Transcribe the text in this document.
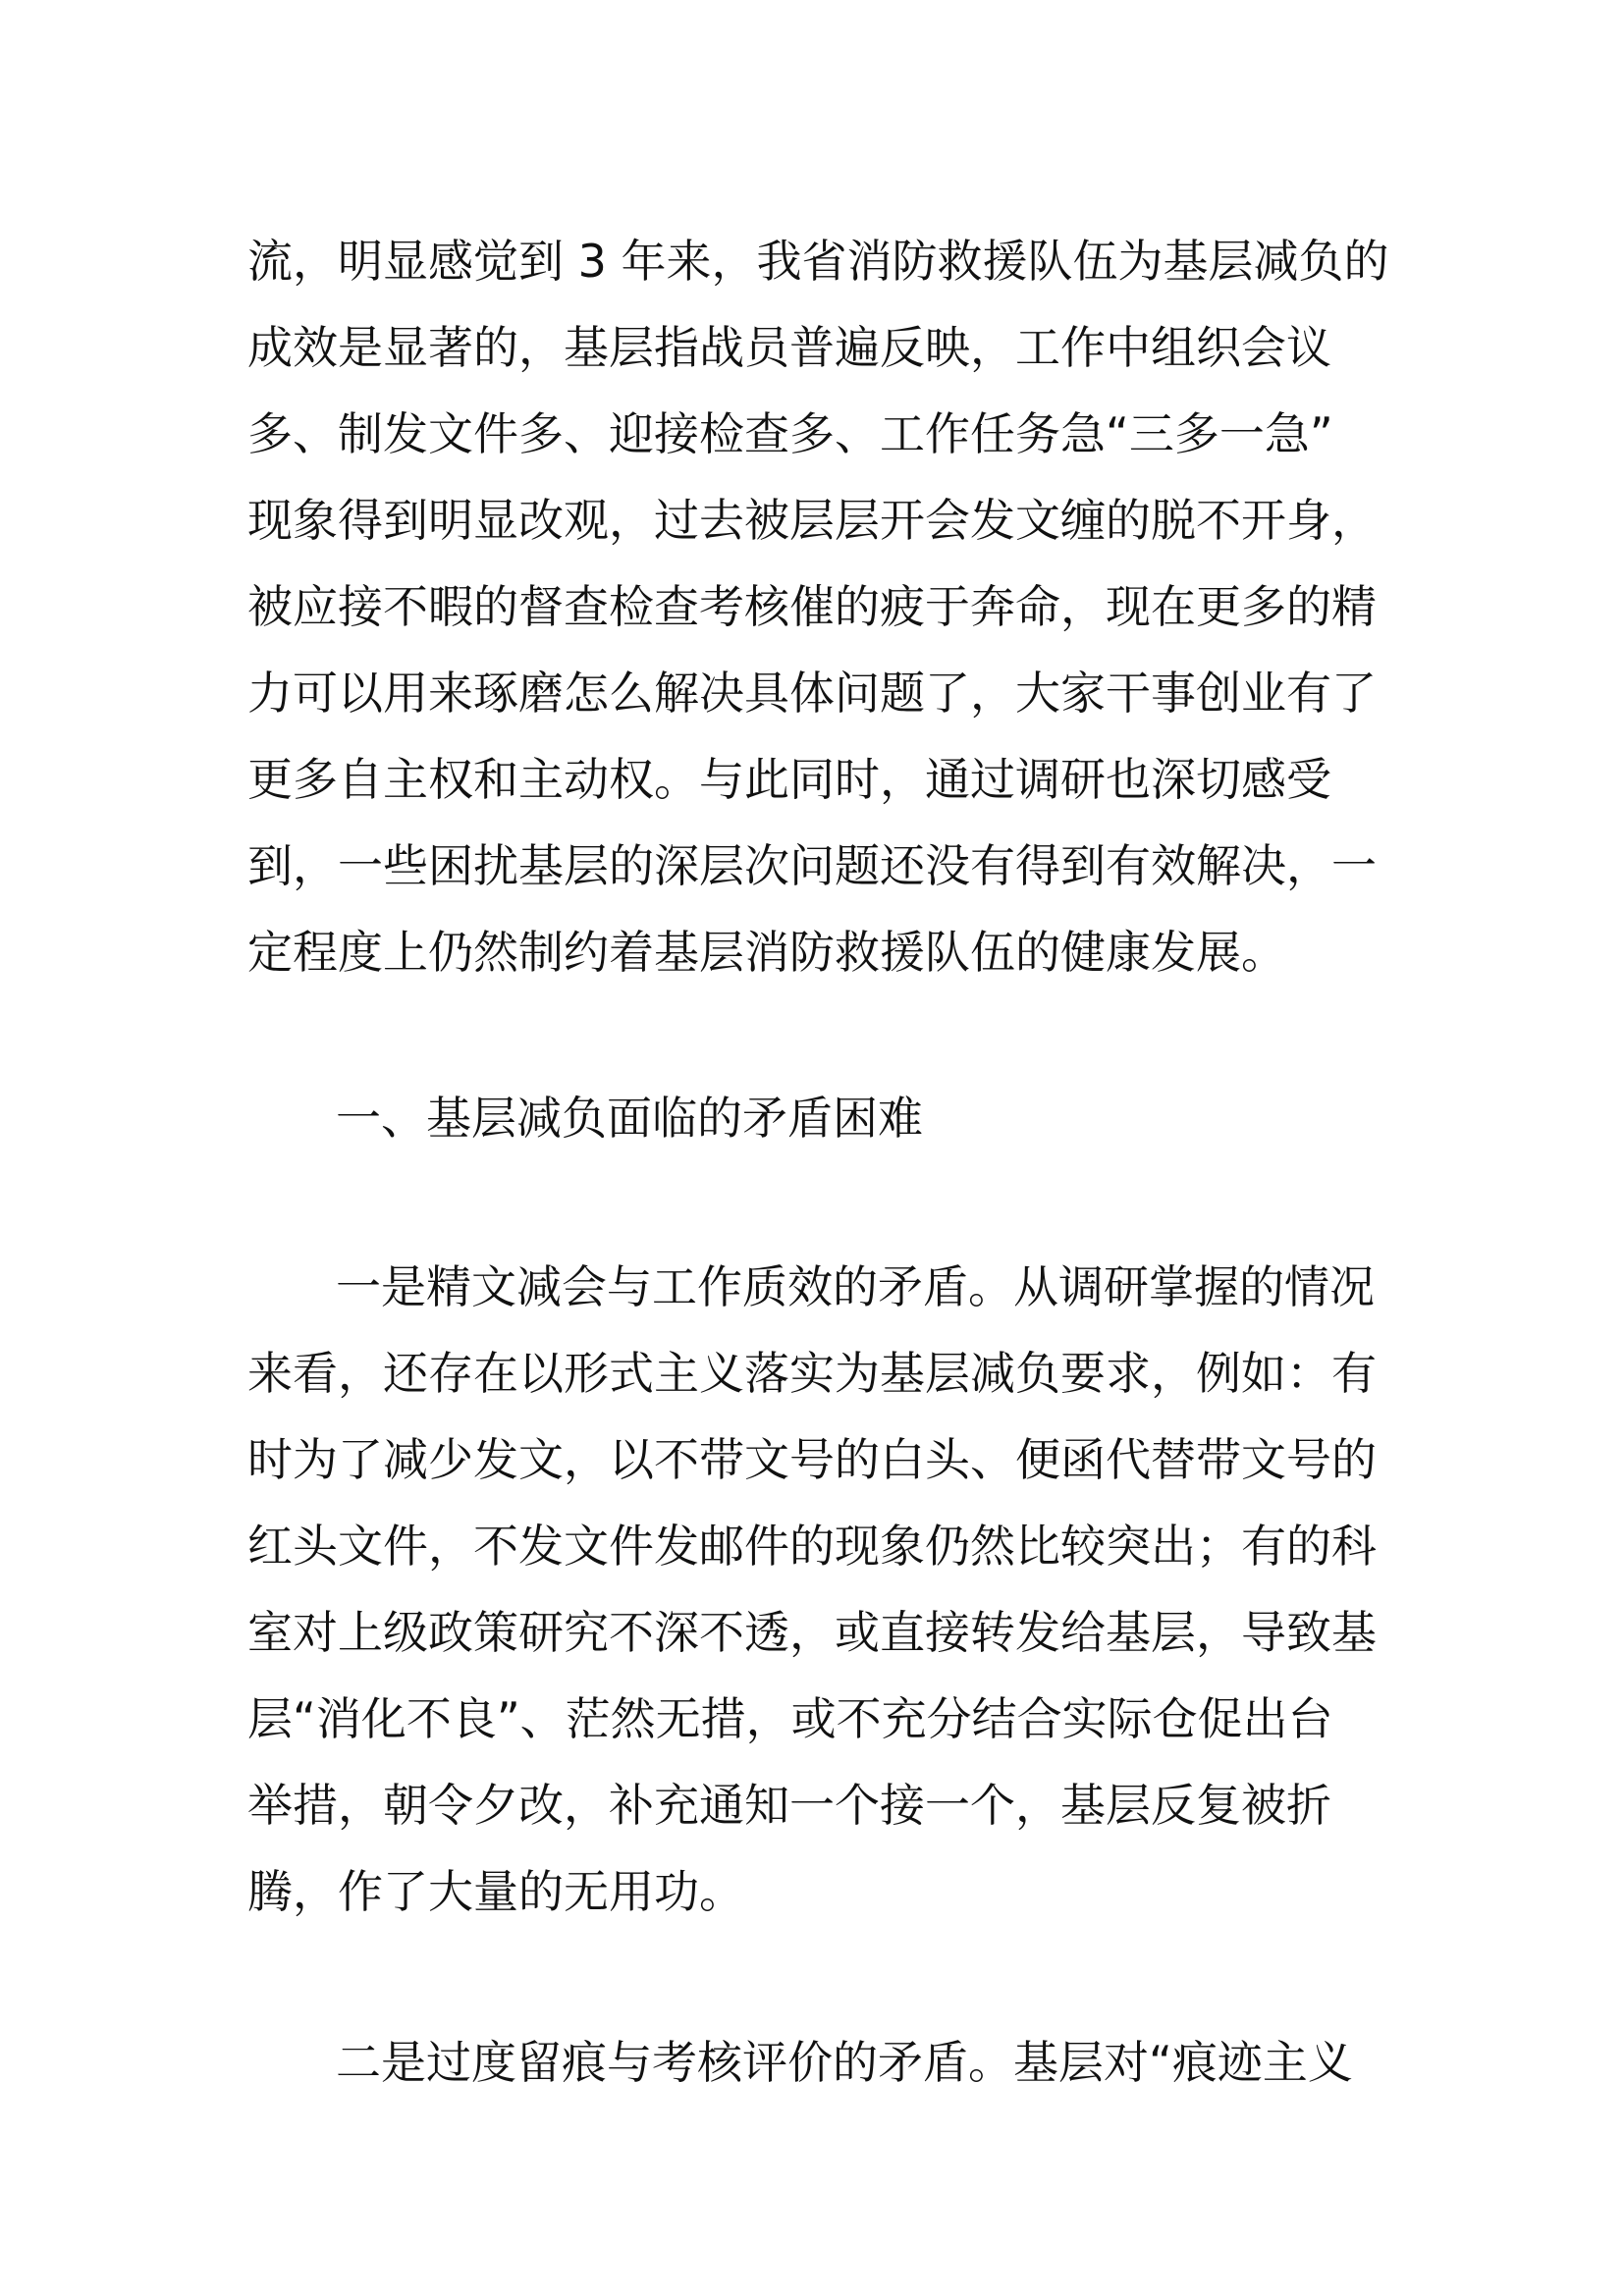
流，明显感觉到 3 年来，我省消防救援队伍为基层减负的
成效是显著的，基层指战员普遍反映，工作中组织会议
多、制发文件多、迎接检查多、工作任务急“三多一急”
现象得到明显改观，过去被层层开会发文缠的脱不开身，
被应接不暇的督查检查考核催的疲于奔命，现在更多的精
力可以用来琢磨怎么解决具体问题了，大家干事创业有了
更多自主权和主动权。与此同时，通过调研也深切感受
到，一些困扰基层的深层次问题还没有得到有效解决，一
定程度上仍然制约着基层消防救援队伍的健康发展。
一、基层减负面临的矛盾困难
一是精文减会与工作质效的矛盾。从调研掌握的情况
来看，还存在以形式主义落实为基层减负要求，例如：有
时为了减少发文，以不带文号的白头、便函代替带文号的
红头文件，不发文件发邮件的现象仍然比较突出；有的科
室对上级政策研究不深不透，或直接转发给基层，导致基
层“消化不良”、茫然无措，或不充分结合实际仓促出台
举措，朝令夕改，补充通知一个接一个，基层反复被折
腾，作了大量的无用功。
二是过度留痕与考核评价的矛盾。基层对“痕迹主义
